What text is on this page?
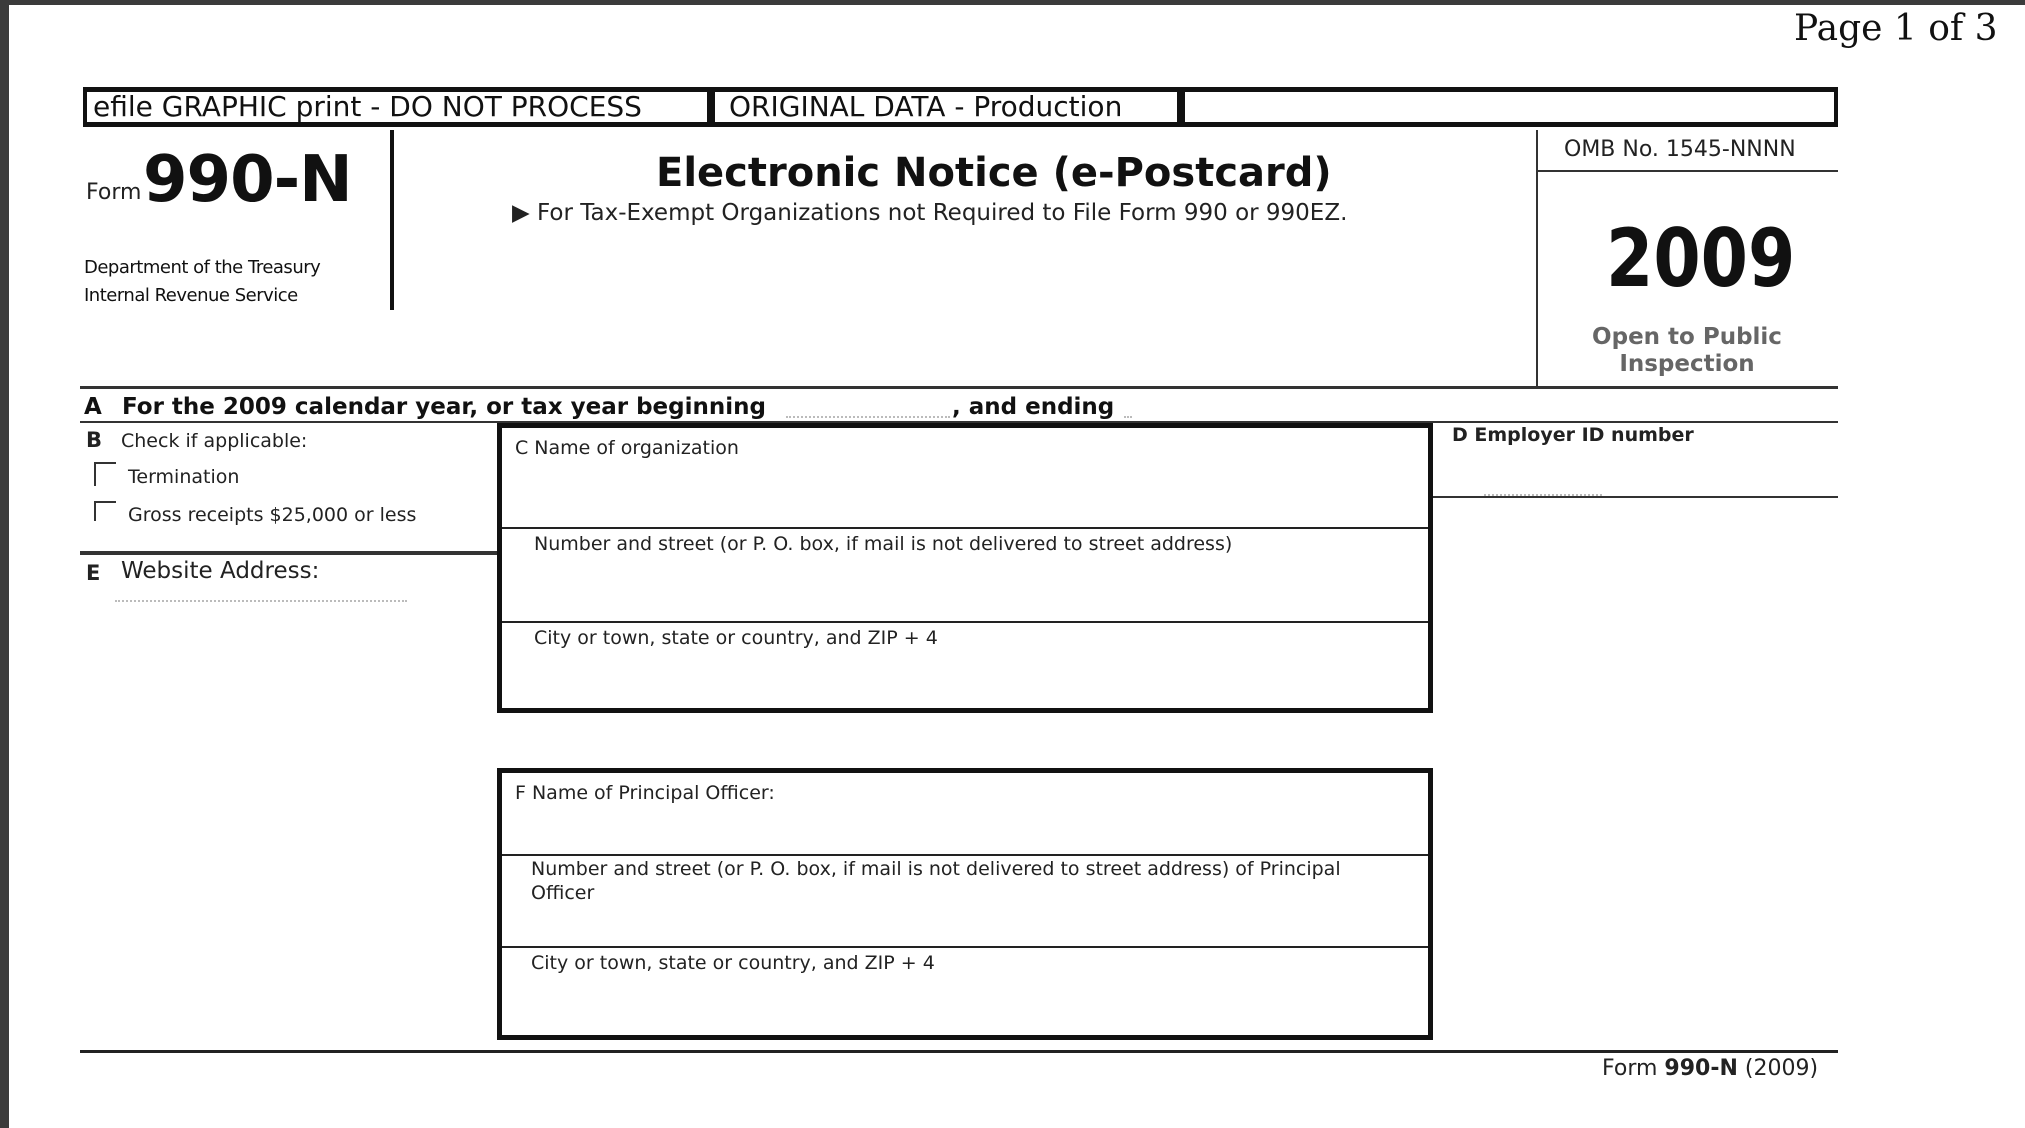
Page 1 of 3
efile GRAPHIC print - DO NOT PROCESS	ORIGINAL DATA - Production
Form 990-N
Department of the Treasury
Internal Revenue Service
Electronic Notice (e-Postcard)
▶ For Tax-Exempt Organizations not Required to File Form 990 or 990EZ.
OMB No. 1545-NNNN
2009
Open to Public
Inspection
A For the 2009 calendar year, or tax year beginning	, and ending
B Check if applicable:
Termination
Gross receipts $25,000 or less
E Website Address:
C Name of organization
Number and street (or P. O. box, if mail is not delivered to street address)
City or town, state or country, and ZIP + 4
D Employer ID number
F Name of Principal Officer:
Number and street (or P. O. box, if mail is not delivered to street address) of Principal
Officer
City or town, state or country, and ZIP + 4
Form 990-N (2009)
